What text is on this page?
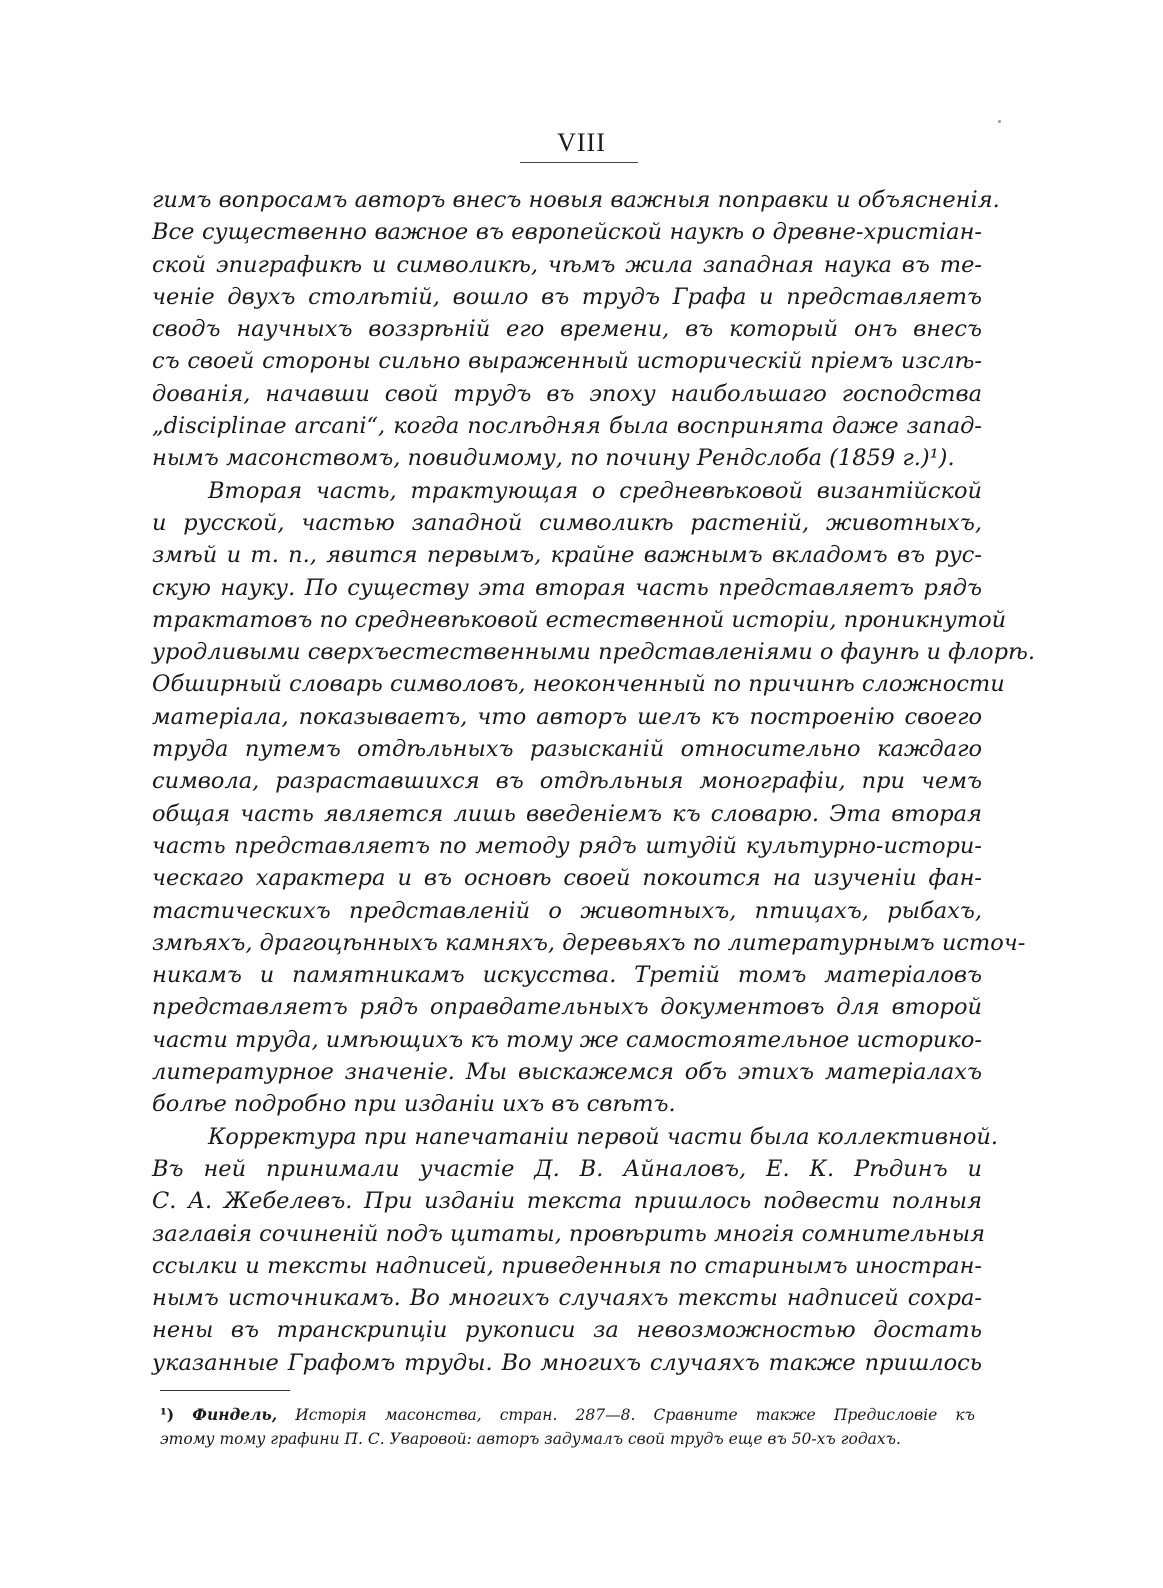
VIII
гимъ вопросамъ авторъ внесъ новыя важныя поправки и объясненія.
Все существенно важное въ европейской наукѣ о древне-христіан-
ской эпиграфикѣ и символикѣ, чѣмъ жила западная наука въ те-
ченіе двухъ столѣтій, вошло въ трудъ Графа и представляетъ
сводъ научныхъ воззрѣній его времени, въ который онъ внесъ
съ своей стороны сильно выраженный историческій пріемъ изслѣ-
дованія, начавши свой трудъ въ эпоху наибольшаго господства
„disciplinae arcani“, когда послѣдняя была воспринята даже запад-
нымъ масонствомъ, повидимому, по почину Рендслоба (1859 г.)¹).
Вторая часть, трактующая о средневѣковой византійской
и русской, частью западной символикѣ растеній, животныхъ,
змѣй и т. п., явится первымъ, крайне важнымъ вкладомъ въ рус-
скую науку. По существу эта вторая часть представляетъ рядъ
трактатовъ по средневѣковой естественной исторіи, проникнутой
уродливыми сверхъестественными представленіями о фаунѣ и флорѣ.
Обширный словарь символовъ, неоконченный по причинѣ сложности
матеріала, показываетъ, что авторъ шелъ къ построенію своего
труда путемъ отдѣльныхъ разысканій относительно каждаго
символа, разраставшихся въ отдѣльныя монографіи, при чемъ
общая часть является лишь введеніемъ къ словарю. Эта вторая
часть представляетъ по методу рядъ штудій культурно-истори-
ческаго характера и въ основѣ своей покоится на изученіи фан-
тастическихъ представленій о животныхъ, птицахъ, рыбахъ,
змѣяхъ, драгоцѣнныхъ камняхъ, деревьяхъ по литературнымъ источ-
никамъ и памятникамъ искусства. Третій томъ матеріаловъ
представляетъ рядъ оправдательныхъ документовъ для второй
части труда, имѣющихъ къ тому же самостоятельное историко-
литературное значеніе. Мы выскажемся объ этихъ матеріалахъ
болѣе подробно при изданіи ихъ въ свѣтъ.
Корректура при напечатаніи первой части была коллективной.
Въ ней принимали участіе Д. В. Айналовъ, Е. К. Рѣдинъ и
С. А. Жебелевъ. При изданіи текста пришлось подвести полныя
заглавія сочиненій подъ цитаты, провѣрить многія сомнительныя
ссылки и тексты надписей, приведенныя по старинымъ иностран-
нымъ источникамъ. Во многихъ случаяхъ тексты надписей сохра-
нены въ транскрипціи рукописи за невозможностью достать
указанные Графомъ труды. Во многихъ случаяхъ также пришлось
¹) Финдель, Исторія масонства, стран. 287—8. Сравните также Предисловіе къ
этому тому графини П. С. Уваровой: авторъ задумалъ свой трудъ еще въ 50-хъ годахъ.
